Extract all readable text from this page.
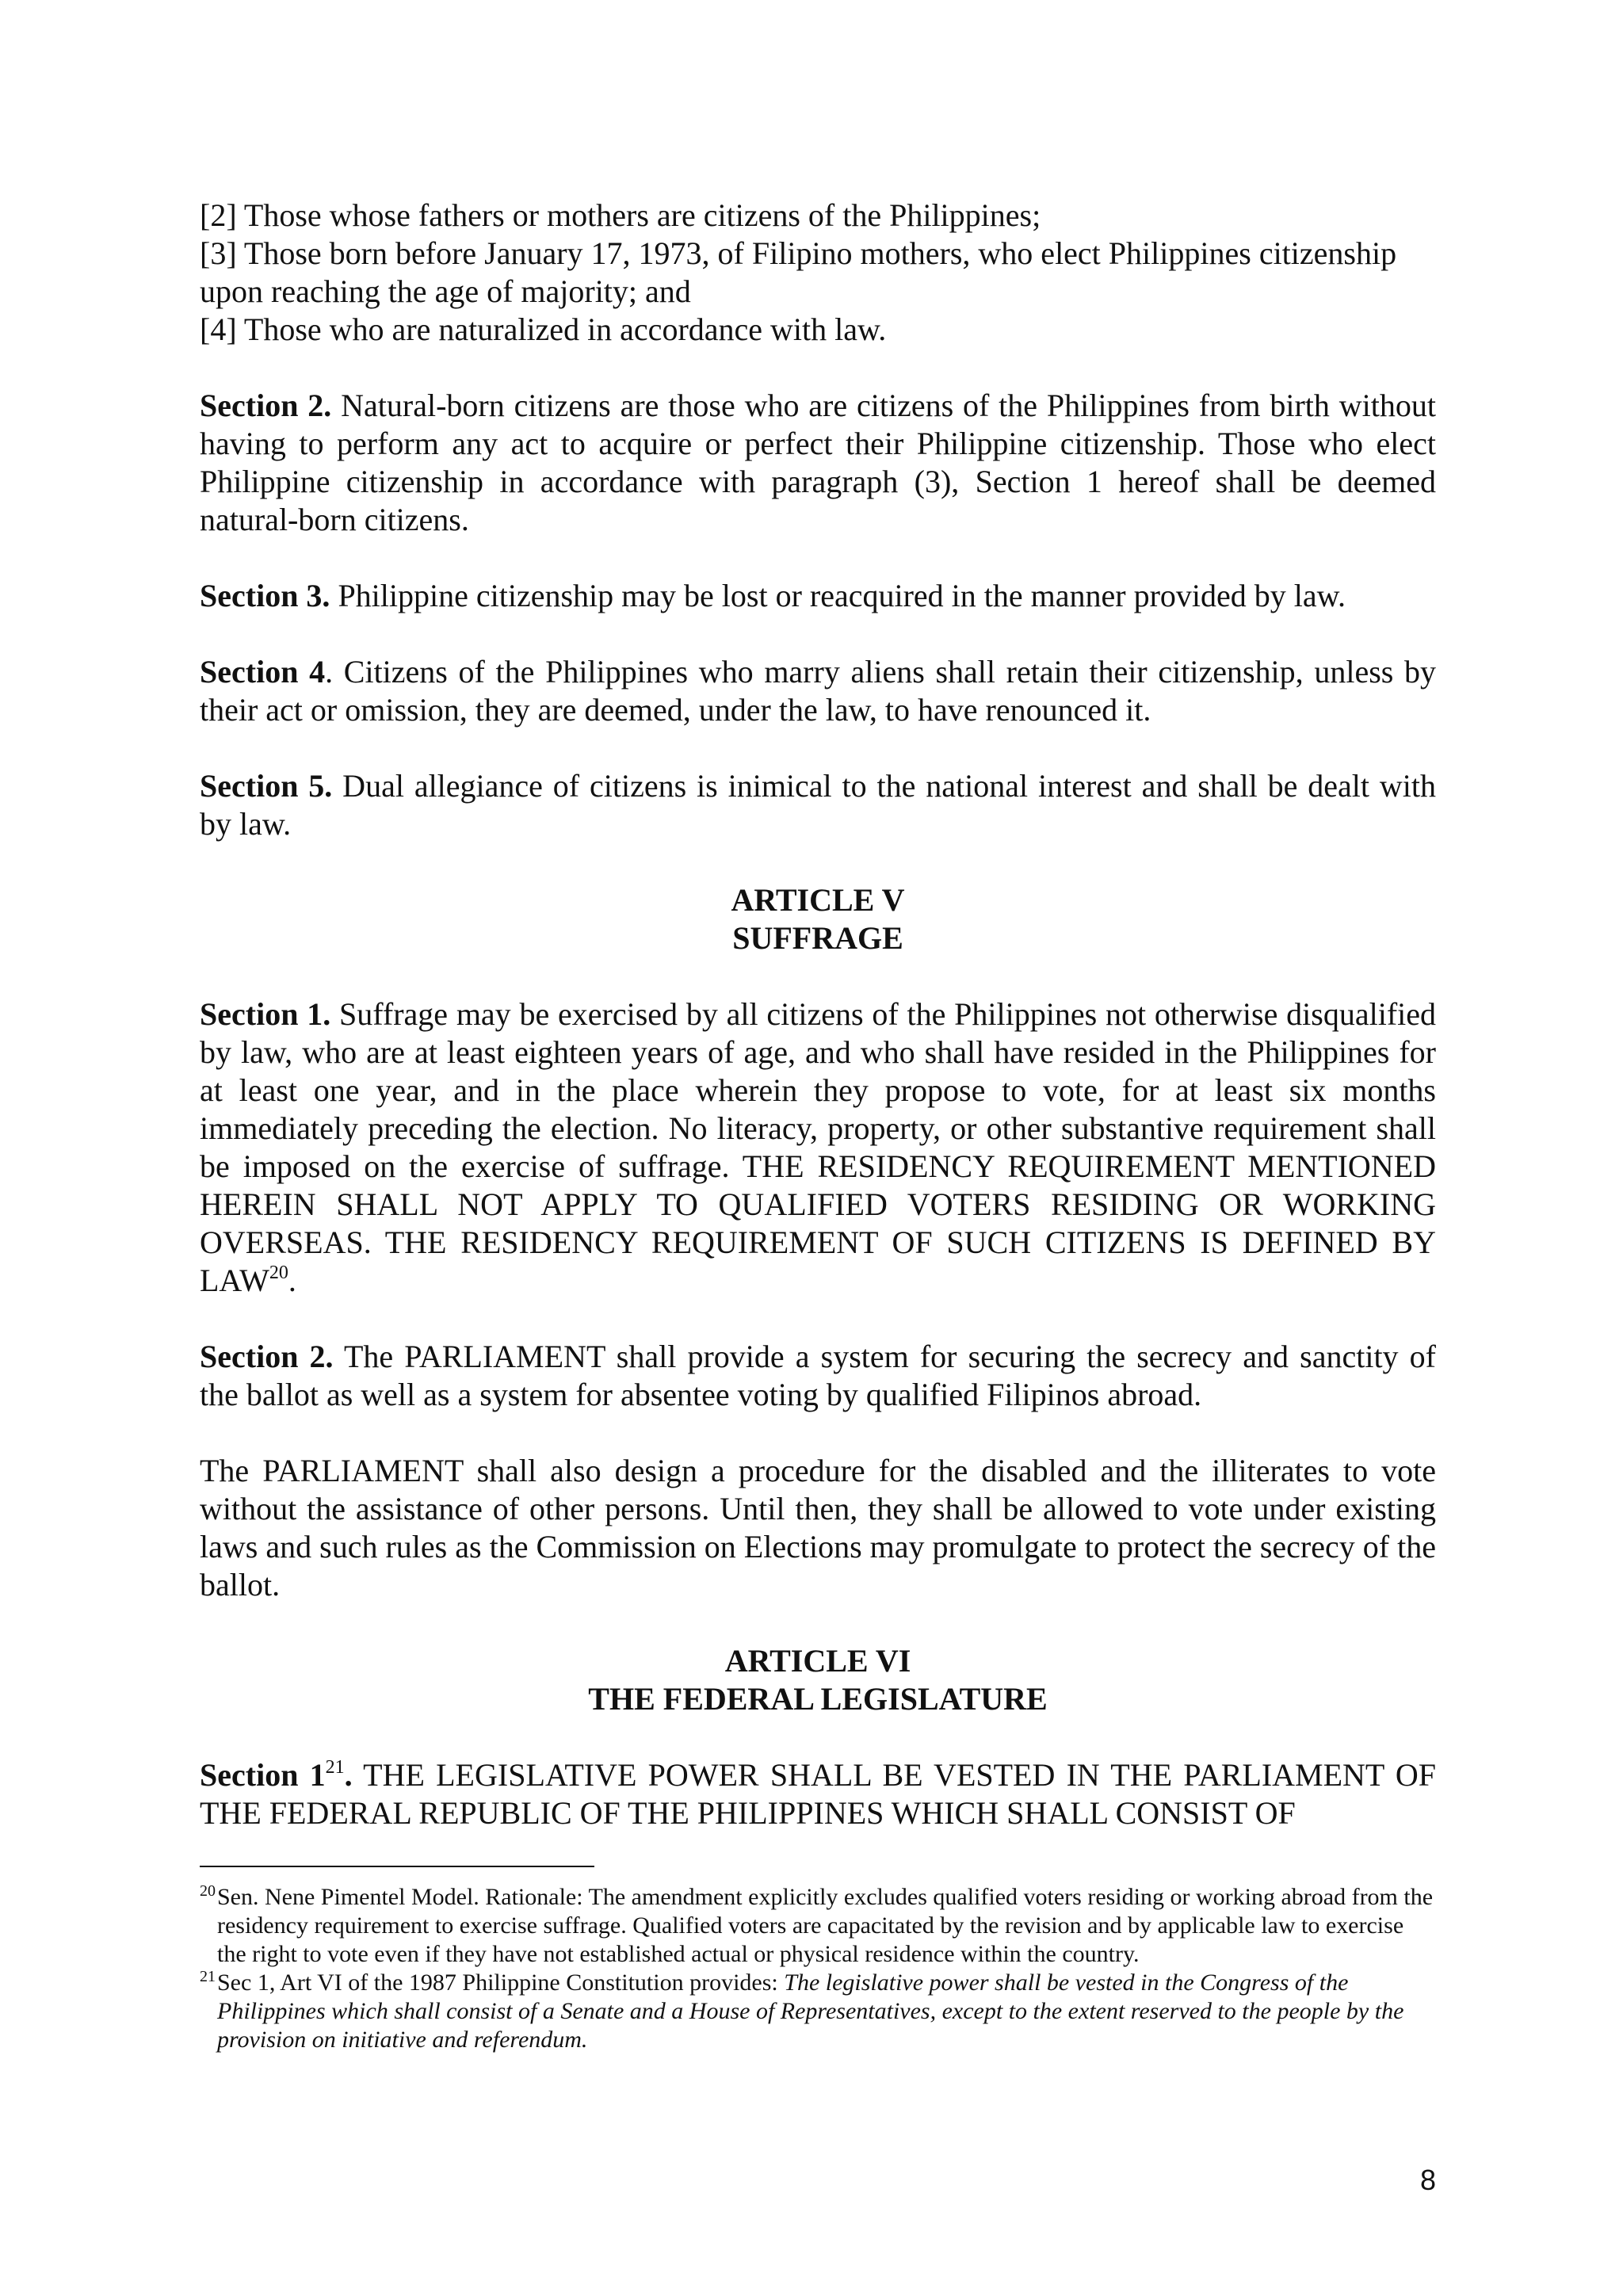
[2] Those whose fathers or mothers are citizens of the Philippines;

[3] Those born before January 17, 1973, of Filipino mothers, who elect Philippines citizenship upon reaching the age of majority; and

[4] Those who are naturalized in accordance with law.

Section 2. Natural-born citizens are those who are citizens of the Philippines from birth without having to perform any act to acquire or perfect their Philippine citizenship. Those who elect Philippine citizenship in accordance with paragraph (3), Section 1 hereof shall be deemed natural-born citizens.

Section 3. Philippine citizenship may be lost or reacquired in the manner provided by law.

Section 4. Citizens of the Philippines who marry aliens shall retain their citizenship, unless by their act or omission, they are deemed, under the law, to have renounced it.

Section 5. Dual allegiance of citizens is inimical to the national interest and shall be dealt with by law.

ARTICLE V

SUFFRAGE

Section 1. Suffrage may be exercised by all citizens of the Philippines not otherwise disqualified by law, who are at least eighteen years of age, and who shall have resided in the Philippines for at least one year, and in the place wherein they propose to vote, for at least six months immediately preceding the election. No literacy, property, or other substantive requirement shall be imposed on the exercise of suffrage. THE RESIDENCY REQUIREMENT MENTIONED HEREIN SHALL NOT APPLY TO QUALIFIED VOTERS RESIDING OR WORKING OVERSEAS. THE RESIDENCY REQUIREMENT OF SUCH CITIZENS IS DEFINED BY LAW$^{20}$.

Section 2. The PARLIAMENT shall provide a system for securing the secrecy and sanctity of the ballot as well as a system for absentee voting by qualified Filipinos abroad.

The PARLIAMENT shall also design a procedure for the disabled and the illiterates to vote without the assistance of other persons. Until then, they shall be allowed to vote under existing laws and such rules as the Commission on Elections may promulgate to protect the secrecy of the ballot.

ARTICLE VI

THE FEDERAL LEGISLATURE

Section $1^{21}$. THE LEGISLATIVE POWER SHALL BE VESTED IN THE PARLIAMENT OF THE FEDERAL REPUBLIC OF THE PHILIPPINES WHICH SHALL CONSIST OF

20 Sen. Nene Pimentel Model. Rationale: The amendment explicitly excludes qualified voters residing or working abroad from the residency requirement to exercise suffrage. Qualified voters are capacitated by the revision and by applicable law to exercise the right to vote even if they have not established actual or physical residence within the country.

21 Sec 1, Art VI of the 1987 Philippine Constitution provides: The legislative power shall be vested in the Congress of the Philippines which shall consist of a Senate and a House of Representatives, except to the extent reserved to the people by the provision on initiative and referendum.

8
